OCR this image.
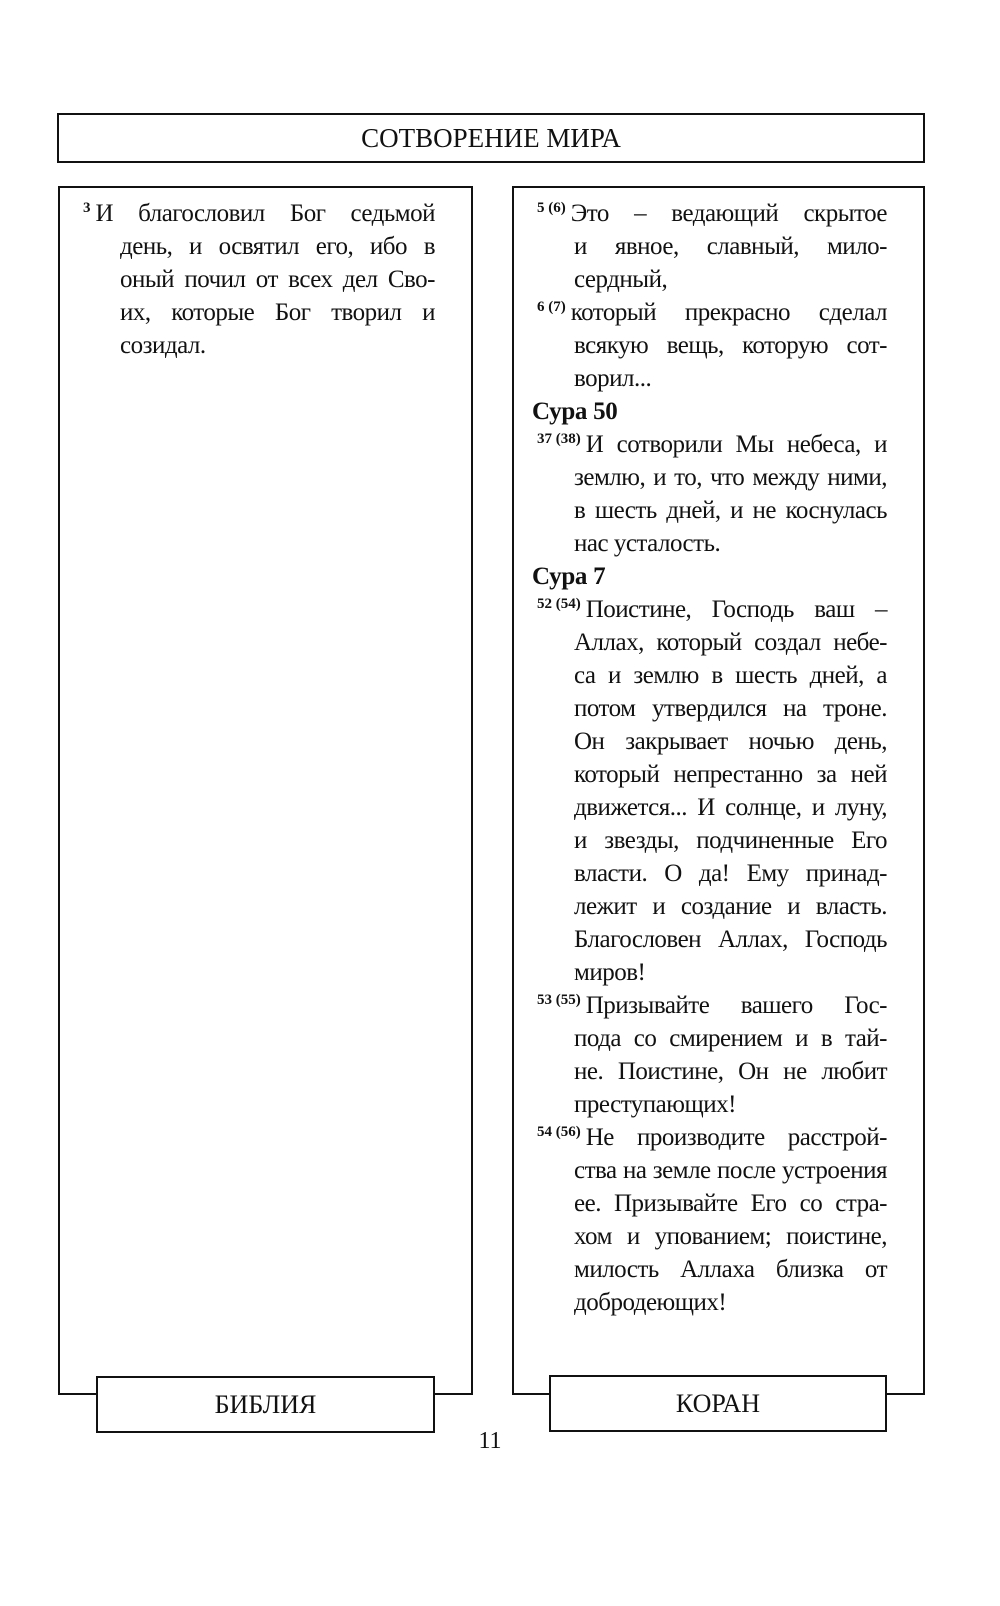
СОТВОРЕНИЕ МИРА
3 И благословил Бог седьмой
день, и освятил его, ибо в
оный почил от всех дел Сво-
их, которые Бог творил и
созидал.
5 (6) Это – ведающий скрытое
и явное, славный, мило-
сердный,
6 (7) который прекрасно сделал
всякую вещь, которую сот-
ворил...
Сура 50
37 (38) И сотворили Мы небеса, и
землю, и то, что между ними,
в шесть дней, и не коснулась
нас усталость.
Сура 7
52 (54) Поистине, Господь ваш –
Аллах, который создал небе-
са и землю в шесть дней, а
потом утвердился на троне.
Он закрывает ночью день,
который непрестанно за ней
движется... И солнце, и луну,
и звезды, подчиненные Его
власти. О да! Ему принад-
лежит и создание и власть.
Благословен Аллах, Господь
миров!
53 (55) Призывайте вашего Гос-
пода со смирением и в тай-
не. Поистине, Он не любит
преступающих!
54 (56) Не производите расстрой-
ства на земле после устроения
ее. Призывайте Его со стра-
хом и упованием; поистине,
милость Аллаха близка от
добродеющих!
БИБЛИЯ	КОРАН
11
